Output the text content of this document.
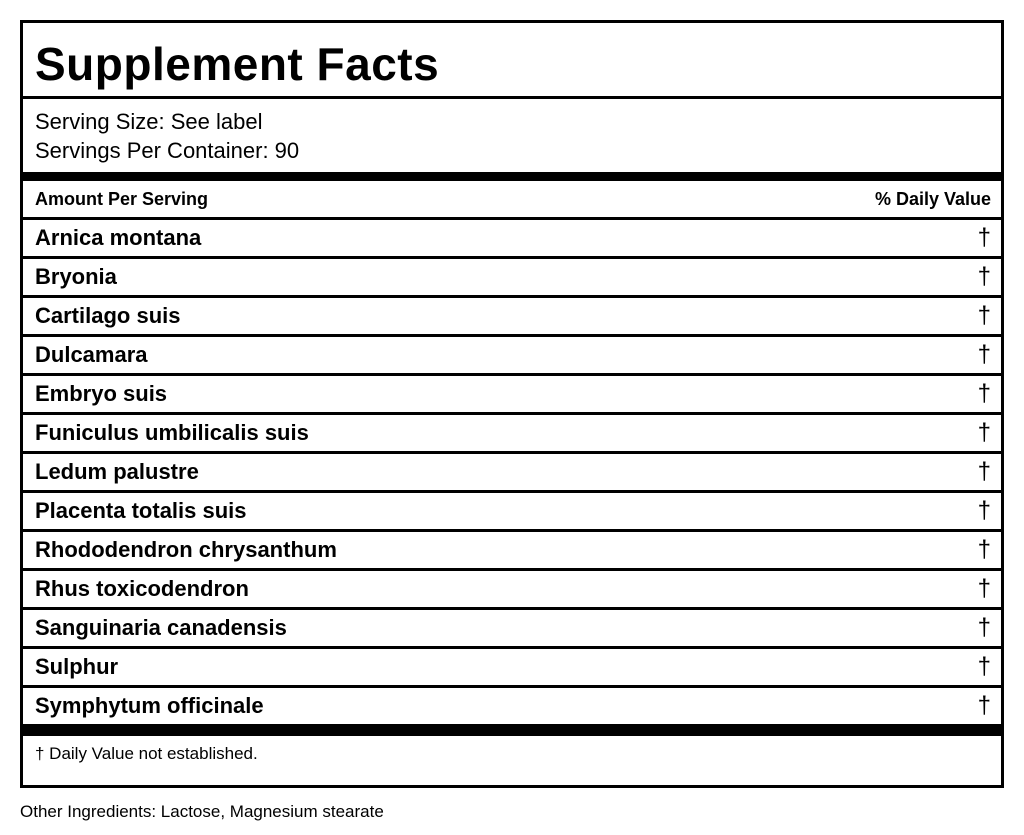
Supplement Facts
Serving Size: See label
Servings Per Container: 90
Amount Per Serving	% Daily Value
Arnica montana	†
Bryonia	†
Cartilago suis	†
Dulcamara	†
Embryo suis	†
Funiculus umbilicalis suis	†
Ledum palustre	†
Placenta totalis suis	†
Rhododendron chrysanthum	†
Rhus toxicodendron	†
Sanguinaria canadensis	†
Sulphur	†
Symphytum officinale	†
† Daily Value not established.
Other Ingredients: Lactose, Magnesium stearate
